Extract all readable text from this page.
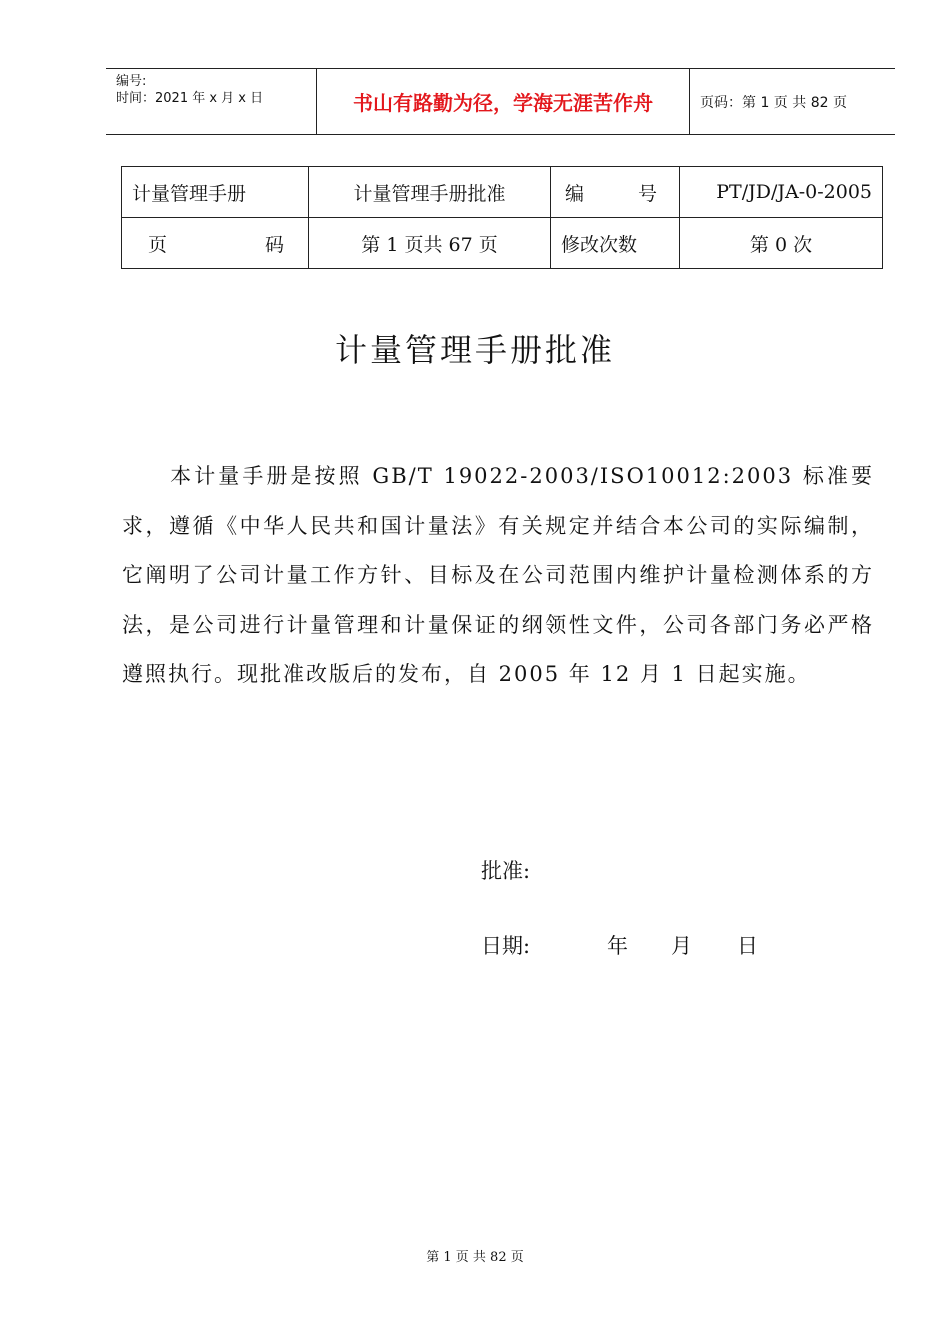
编号:
时间：2021 年 x 月 x 日	书山有路勤为径，学海无涯苦作舟	页码：第 1 页 共 82 页
计量管理手册	计量管理手册批准	编 号	PT/JD/JA-0-2005

页 码	第 1 页共 67 页	修改次数	第 0 次
计量管理手册批准
　　本计量手册是按照 GB/T 19022-2003/ISO10012:2003 标准要求，遵循《中华人民共和国计量法》有关规定并结合本公司的实际编制，它阐明了公司计量工作方针、目标及在公司范围内维护计量检测体系的方法，是公司进行计量管理和计量保证的纲领性文件，公司各部门务必严格遵照执行。现批准改版后的发布，自 2005 年 12 月 1 日起实施。
批准:
日期:	年 月 日
第 1 页 共 82 页
